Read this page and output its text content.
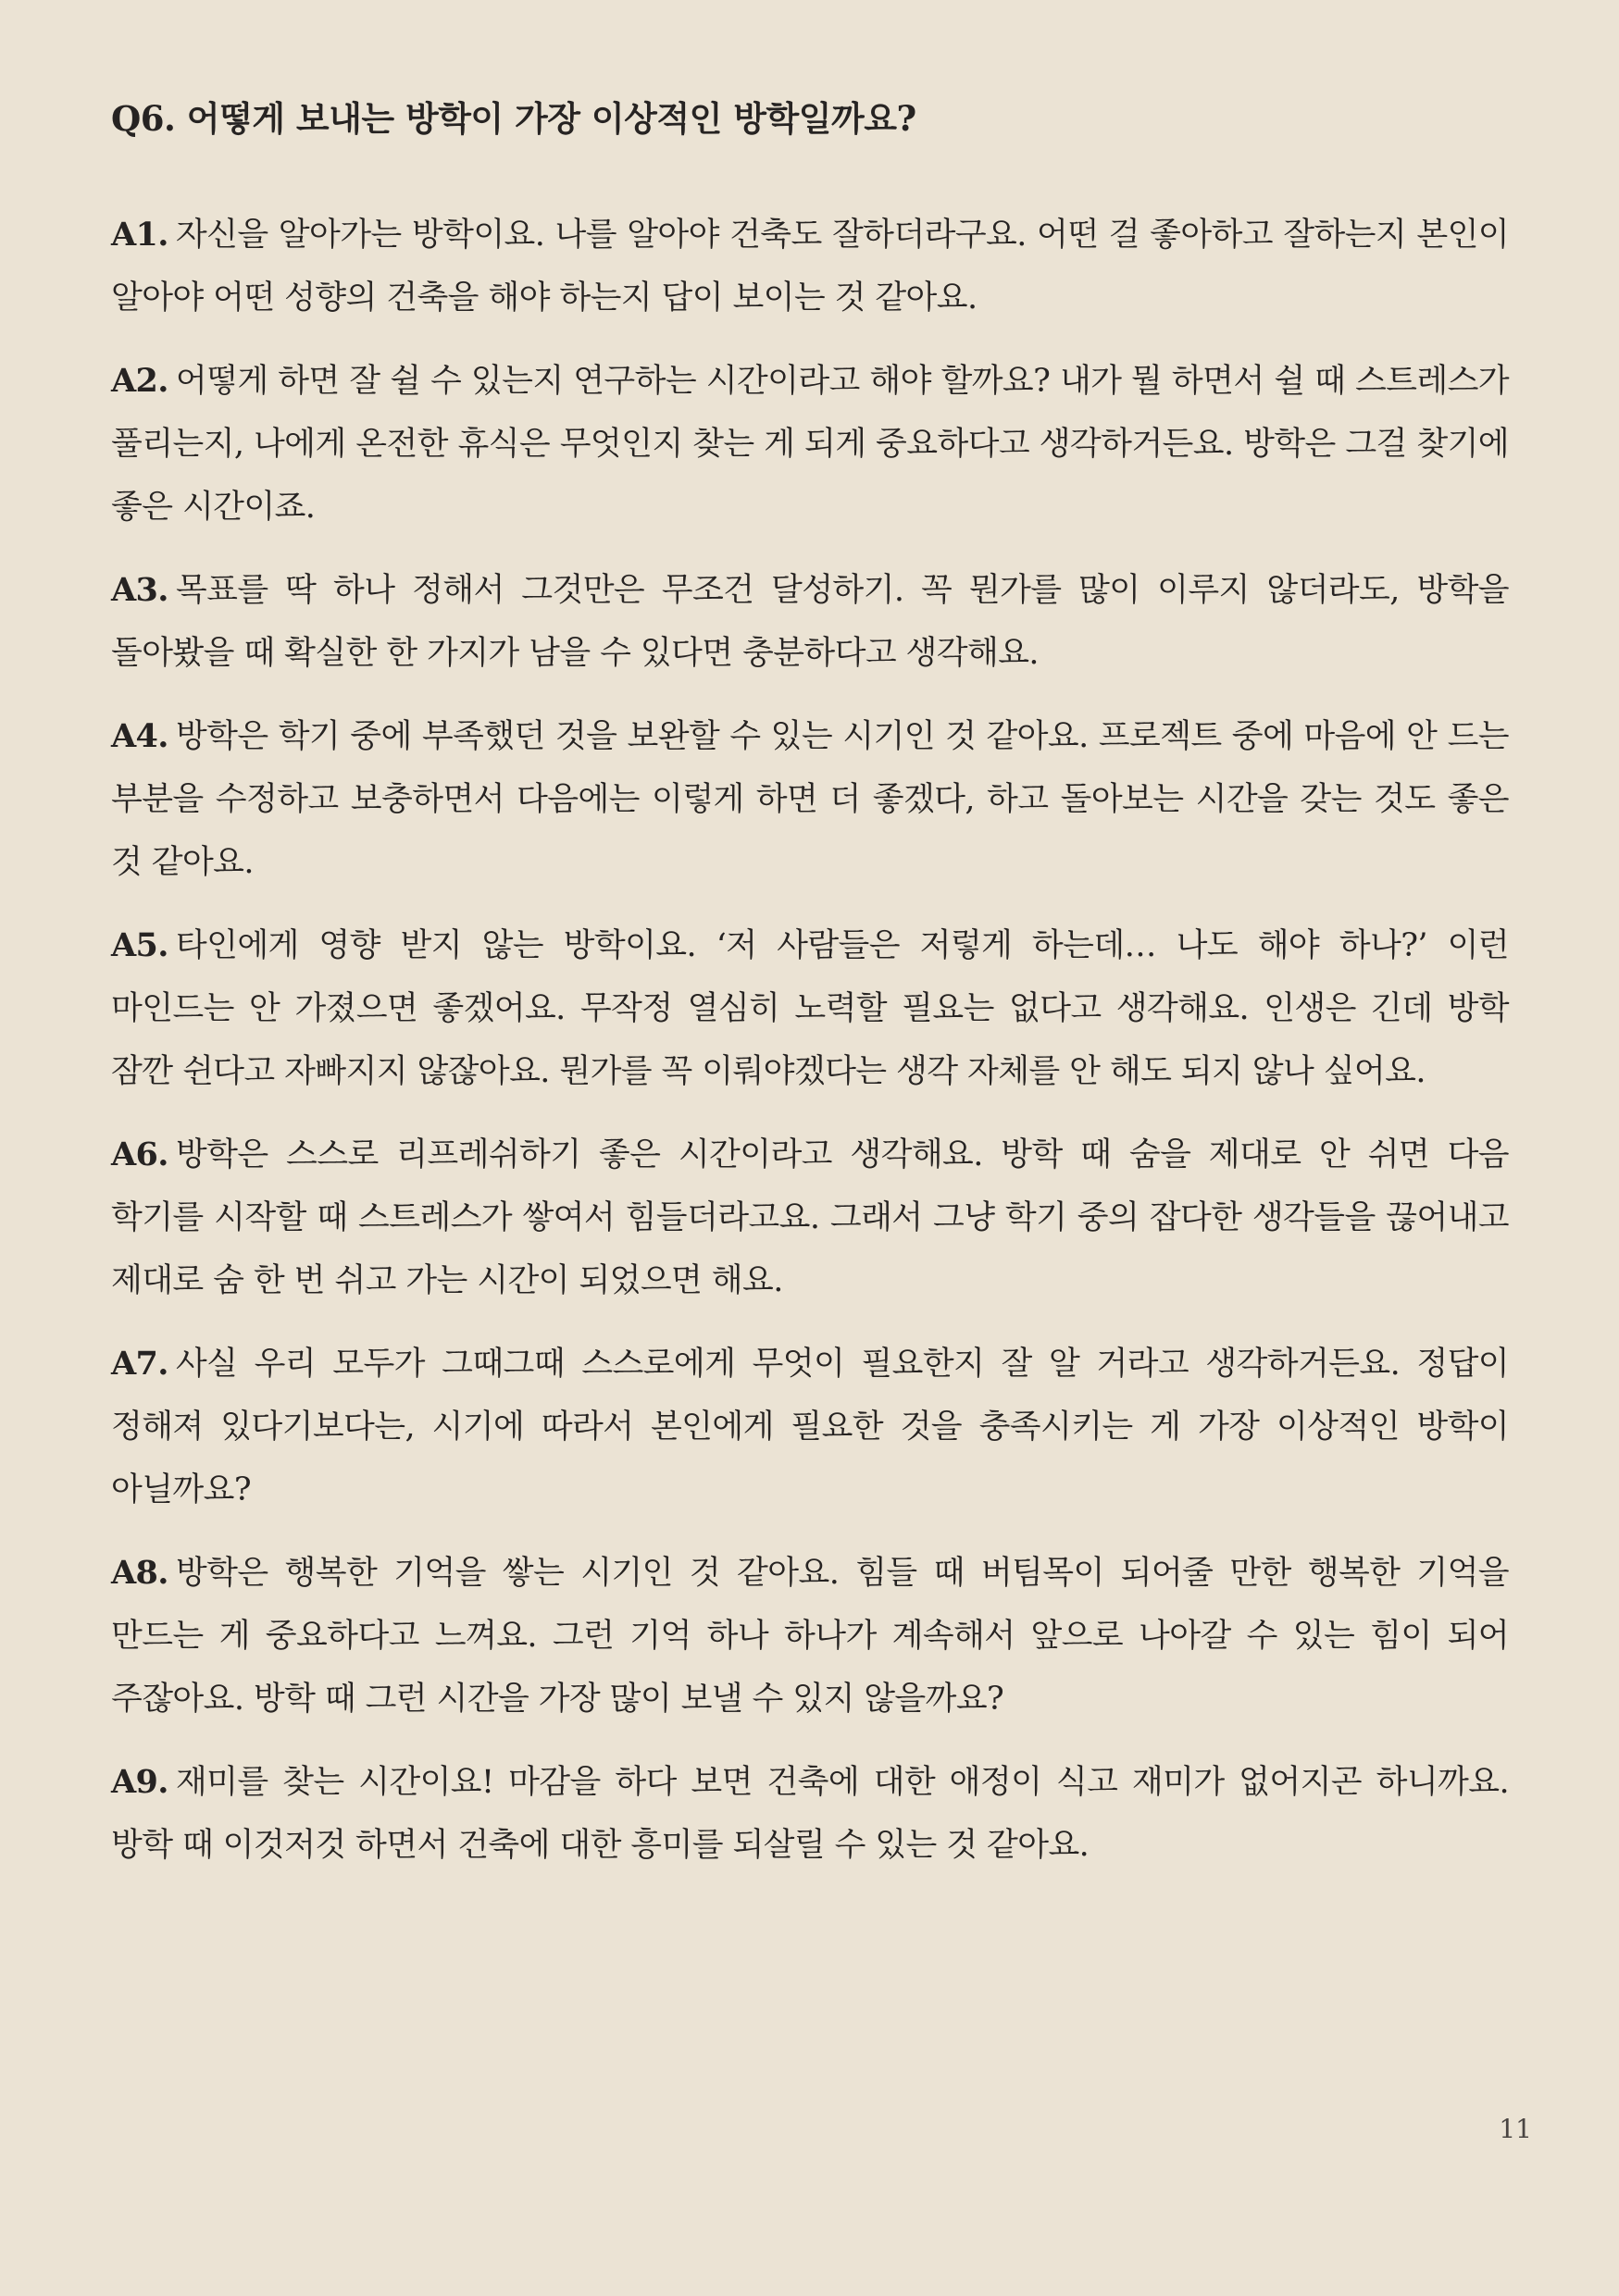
Q6. 어떻게 보내는 방학이 가장 이상적인 방학일까요?

A1. 자신을 알아가는 방학이요. 나를 알아야 건축도 잘하더라구요. 어떤 걸 좋아하고 잘하는지 본인이 알아야 어떤 성향의 건축을 해야 하는지 답이 보이는 것 같아요.

A2. 어떻게 하면 잘 쉴 수 있는지 연구하는 시간이라고 해야 할까요? 내가 뭘 하면서 쉴 때 스트레스가 풀리는지, 나에게 온전한 휴식은 무엇인지 찾는 게 되게 중요하다고 생각하거든요. 방학은 그걸 찾기에 좋은 시간이죠.

A3. 목표를 딱 하나 정해서 그것만은 무조건 달성하기. 꼭 뭔가를 많이 이루지 않더라도, 방학을 돌아봤을 때 확실한 한 가지가 남을 수 있다면 충분하다고 생각해요.

A4. 방학은 학기 중에 부족했던 것을 보완할 수 있는 시기인 것 같아요. 프로젝트 중에 마음에 안 드는 부분을 수정하고 보충하면서 다음에는 이렇게 하면 더 좋겠다, 하고 돌아보는 시간을 갖는 것도 좋은 것 같아요.

A5. 타인에게 영향 받지 않는 방학이요. ‘저 사람들은 저렇게 하는데… 나도 해야 하나?’ 이런 마인드는 안 가졌으면 좋겠어요. 무작정 열심히 노력할 필요는 없다고 생각해요. 인생은 긴데 방학 잠깐 쉰다고 자빠지지 않잖아요. 뭔가를 꼭 이뤄야겠다는 생각 자체를 안 해도 되지 않나 싶어요.

A6. 방학은 스스로 리프레쉬하기 좋은 시간이라고 생각해요. 방학 때 숨을 제대로 안 쉬면 다음 학기를 시작할 때 스트레스가 쌓여서 힘들더라고요. 그래서 그냥 학기 중의 잡다한 생각들을 끊어내고 제대로 숨 한 번 쉬고 가는 시간이 되었으면 해요.

A7. 사실 우리 모두가 그때그때 스스로에게 무엇이 필요한지 잘 알 거라고 생각하거든요. 정답이 정해져 있다기보다는, 시기에 따라서 본인에게 필요한 것을 충족시키는 게 가장 이상적인 방학이 아닐까요?

A8. 방학은 행복한 기억을 쌓는 시기인 것 같아요. 힘들 때 버팀목이 되어줄 만한 행복한 기억을 만드는 게 중요하다고 느껴요. 그런 기억 하나 하나가 계속해서 앞으로 나아갈 수 있는 힘이 되어 주잖아요. 방학 때 그런 시간을 가장 많이 보낼 수 있지 않을까요?

A9. 재미를 찾는 시간이요! 마감을 하다 보면 건축에 대한 애정이 식고 재미가 없어지곤 하니까요. 방학 때 이것저것 하면서 건축에 대한 흥미를 되살릴 수 있는 것 같아요.

11
